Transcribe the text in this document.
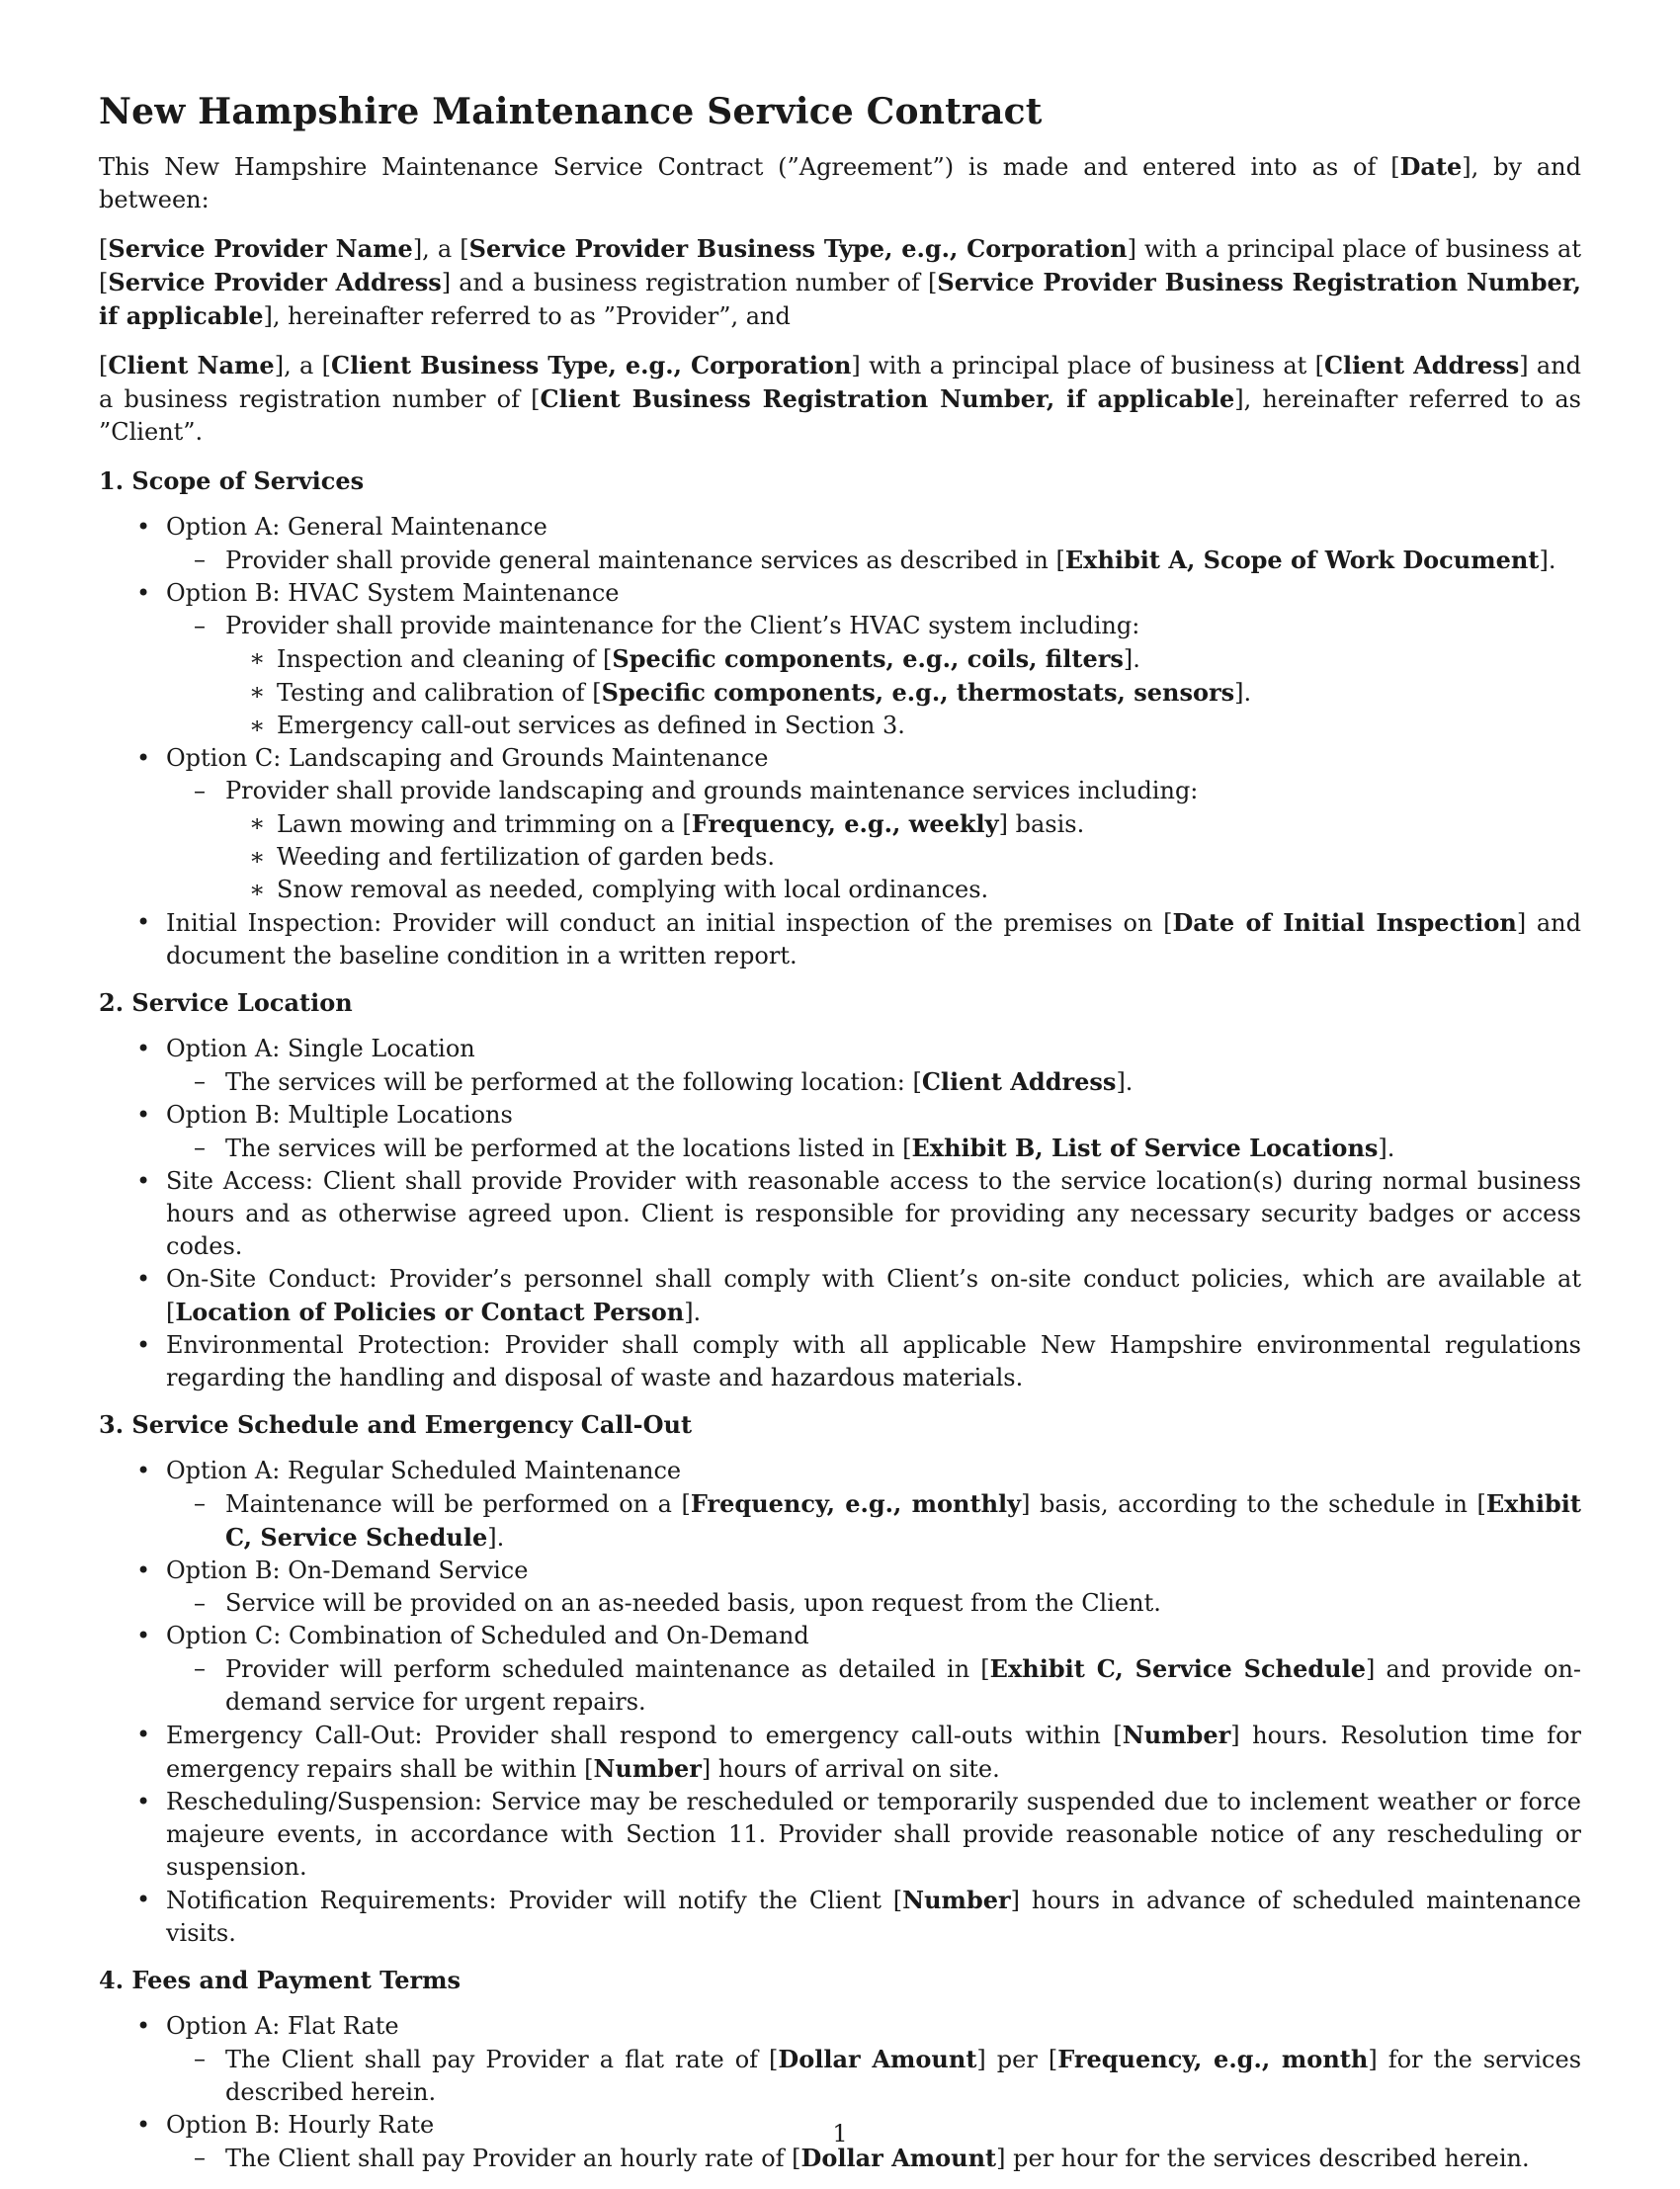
New Hampshire Maintenance Service Contract

This New Hampshire Maintenance Service Contract (”Agreement”) is made and entered into as of [Date], by and between:

[Service Provider Name], a [Service Provider Business Type, e.g., Corporation] with a principal place of business at [Service Provider Address] and a business registration number of [Service Provider Business Registration Number, if applicable], hereinafter referred to as ”Provider”, and

[Client Name], a [Client Business Type, e.g., Corporation] with a principal place of business at [Client Address] and a business registration number of [Client Business Registration Number, if applicable], hereinafter referred to as ”Client”.

1. Scope of Services
• Option A: General Maintenance
– Provider shall provide general maintenance services as described in [Exhibit A, Scope of Work Document].
• Option B: HVAC System Maintenance
– Provider shall provide maintenance for the Client’s HVAC system including:
∗ Inspection and cleaning of [Specific components, e.g., coils, filters].
∗ Testing and calibration of [Specific components, e.g., thermostats, sensors].
∗ Emergency call-out services as defined in Section 3.
• Option C: Landscaping and Grounds Maintenance
– Provider shall provide landscaping and grounds maintenance services including:
∗ Lawn mowing and trimming on a [Frequency, e.g., weekly] basis.
∗ Weeding and fertilization of garden beds.
∗ Snow removal as needed, complying with local ordinances.
• Initial Inspection: Provider will conduct an initial inspection of the premises on [Date of Initial Inspection] and document the baseline condition in a written report.
2. Service Location
• Option A: Single Location
– The services will be performed at the following location: [Client Address].
• Option B: Multiple Locations
– The services will be performed at the locations listed in [Exhibit B, List of Service Locations].
• Site Access: Client shall provide Provider with reasonable access to the service location(s) during normal business hours and as otherwise agreed upon. Client is responsible for providing any necessary security badges or access codes.
• On-Site Conduct: Provider’s personnel shall comply with Client’s on-site conduct policies, which are available at [Location of Policies or Contact Person].
• Environmental Protection: Provider shall comply with all applicable New Hampshire environmental regulations regarding the handling and disposal of waste and hazardous materials.
3. Service Schedule and Emergency Call-Out
• Option A: Regular Scheduled Maintenance
– Maintenance will be performed on a [Frequency, e.g., monthly] basis, according to the schedule in [Exhibit C, Service Schedule].
• Option B: On-Demand Service
– Service will be provided on an as-needed basis, upon request from the Client.
• Option C: Combination of Scheduled and On-Demand
– Provider will perform scheduled maintenance as detailed in [Exhibit C, Service Schedule] and provide on-demand service for urgent repairs.
• Emergency Call-Out: Provider shall respond to emergency call-outs within [Number] hours. Resolution time for emergency repairs shall be within [Number] hours of arrival on site.
• Rescheduling/Suspension: Service may be rescheduled or temporarily suspended due to inclement weather or force majeure events, in accordance with Section 11. Provider shall provide reasonable notice of any rescheduling or suspension.
• Notification Requirements: Provider will notify the Client [Number] hours in advance of scheduled maintenance visits.
4. Fees and Payment Terms
• Option A: Flat Rate
– The Client shall pay Provider a flat rate of [Dollar Amount] per [Frequency, e.g., month] for the services described herein.
• Option B: Hourly Rate
– The Client shall pay Provider an hourly rate of [Dollar Amount] per hour for the services described herein.
1
